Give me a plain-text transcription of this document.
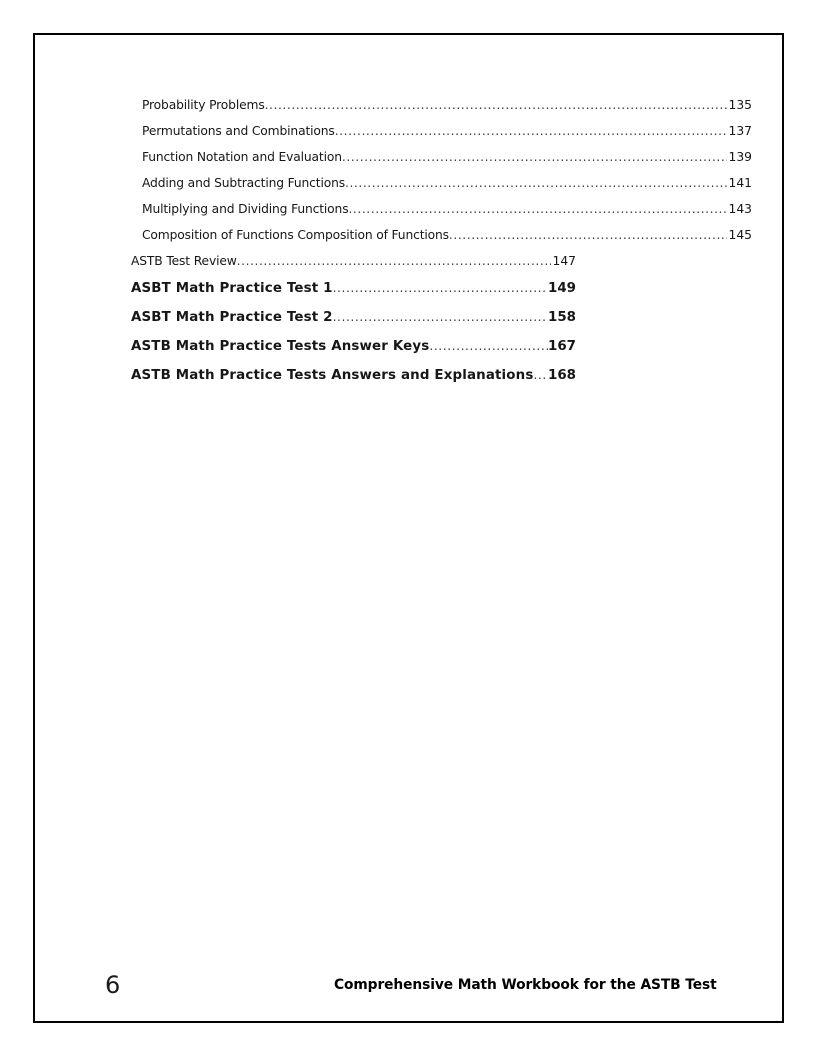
Probability Problems .....	135
Permutations and Combinations .....	137
Function Notation and Evaluation .....	139
Adding and Subtracting Functions .....	141
Multiplying and Dividing Functions .....	143
Composition of Functions Composition of Functions .....	145
ASTB Test Review .....	147
ASBT Math Practice Test 1 .....	149
ASBT Math Practice Test 2 .....	158
ASTB Math Practice Tests Answer Keys .....	167
ASTB Math Practice Tests Answers and Explanations ..... 168
6	Comprehensive Math Workbook for the ASTB Test
